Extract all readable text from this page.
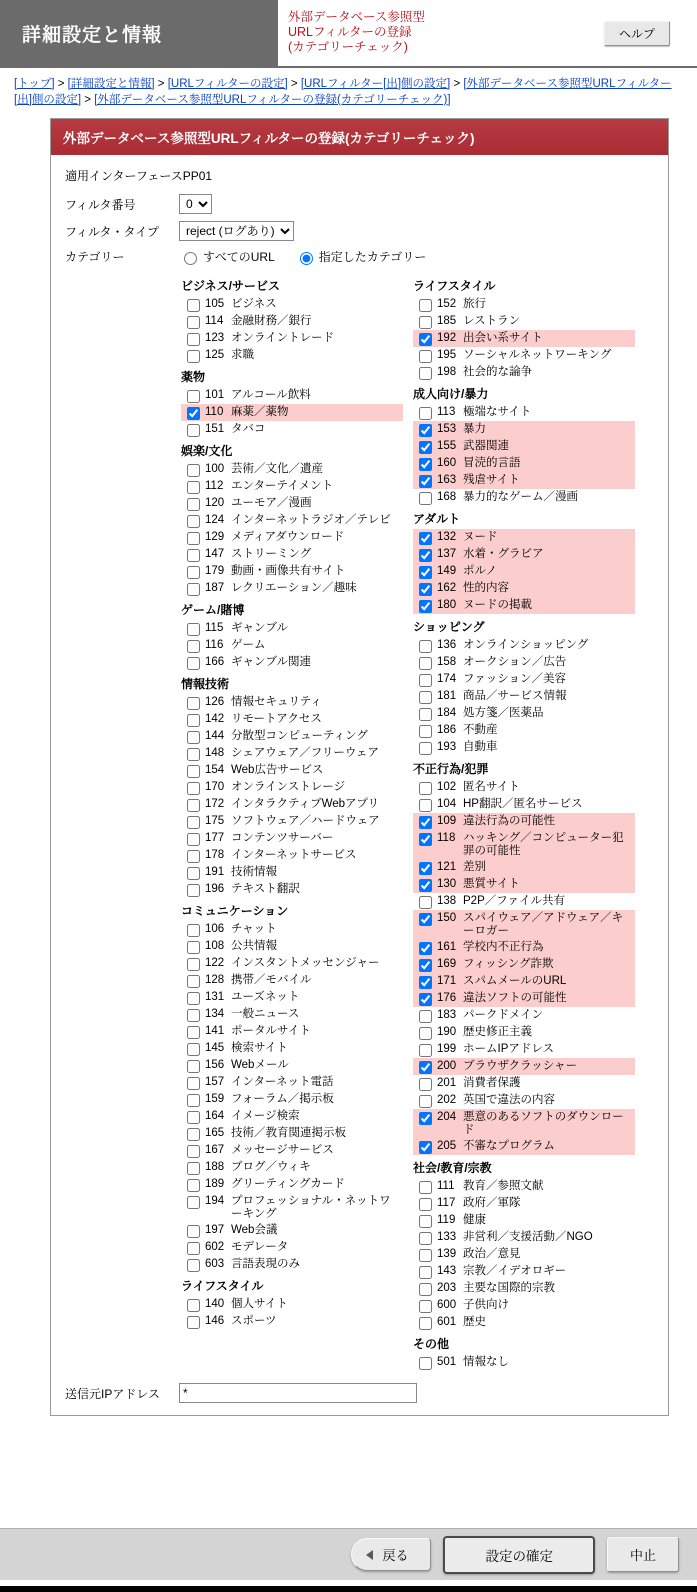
詳細設定と情報
外部データベース参照型
URLフィルターの登録
(カテゴリーチェック)
ヘルプ
[トップ] > [詳細設定と情報] > [URLフィルターの設定] > [URLフィルター[出]側の設定] > [外部データベース参照型URLフィルター[出]側の設定] > [外部データベース参照型URLフィルターの登録(カテゴリーチェック)]
外部データベース参照型URLフィルターの登録(カテゴリーチェック)
適用インターフェースPP01
フィルタ番号
0
フィルタ・タイプ
reject (ログあり)
カテゴリー	すべてのURL	指定したカテゴリー
ビジネス/サービス
105 ビジネス
114 金融財務／銀行
123 オンライントレード
125 求職
薬物
101 アルコール飲料
110 麻薬／薬物
151 タバコ
娯楽/文化
100 芸術／文化／遺産
112 エンターテイメント
120 ユーモア／漫画
124 インターネットラジオ／テレビ
129 メディアダウンロード
147 ストリーミング
179 動画・画像共有サイト
187 レクリエーション／趣味
ゲーム/賭博
115 ギャンブル
116 ゲーム
166 ギャンブル関連
情報技術
126 情報セキュリティ
142 リモートアクセス
144 分散型コンピューティング
148 シェアウェア／フリーウェア
154 Web広告サービス
170 オンラインストレージ
172 インタラクティブWebアプリ
175 ソフトウェア／ハードウェア
177 コンテンツサーバー
178 インターネットサービス
191 技術情報
196 テキスト翻訳
コミュニケーション
106 チャット
108 公共情報
122 インスタントメッセンジャー
128 携帯／モバイル
131 ユーズネット
134 一般ニュース
141 ポータルサイト
145 検索サイト
156 Webメール
157 インターネット電話
159 フォーラム／掲示板
164 イメージ検索
165 技術／教育関連掲示板
167 メッセージサービス
188 ブログ／ウィキ
189 グリーティングカード
194 プロフェッショナル・ネットワーキング
197 Web会議
602 モデレータ
603 言語表現のみ
ライフスタイル
140 個人サイト
146 スポーツ
ライフスタイル
152 旅行
185 レストラン
192 出会い系サイト
195 ソーシャルネットワーキング
198 社会的な論争
成人向け/暴力
113 極端なサイト
153 暴力
155 武器関連
160 冒涜的言語
163 残虐サイト
168 暴力的なゲーム／漫画
アダルト
132 ヌード
137 水着・グラビア
149 ポルノ
162 性的内容
180 ヌードの掲載
ショッピング
136 オンラインショッピング
158 オークション／広告
174 ファッション／美容
181 商品／サービス情報
184 処方箋／医薬品
186 不動産
193 自動車
不正行為/犯罪
102 匿名サイト
104 HP翻訳／匿名サービス
109 違法行為の可能性
118 ハッキング／コンピューター犯罪の可能性
121 差別
130 悪質サイト
138 P2P／ファイル共有
150 スパイウェア／アドウェア／キーロガー
161 学校内不正行為
169 フィッシング詐欺
171 スパムメールのURL
176 違法ソフトの可能性
183 パークドメイン
190 歴史修正主義
199 ホームIPアドレス
200 ブラウザクラッシャー
201 消費者保護
202 英国で違法の内容
204 悪意のあるソフトのダウンロード
205 不審なプログラム
社会/教育/宗教
111 教育／参照文献
117 政府／軍隊
119 健康
133 非営利／支援活動／NGO
139 政治／意見
143 宗教／イデオロギー
203 主要な国際的宗教
600 子供向け
601 歴史
その他
501 情報なし
送信元IPアドレス
*
戻る	設定の確定	中止
